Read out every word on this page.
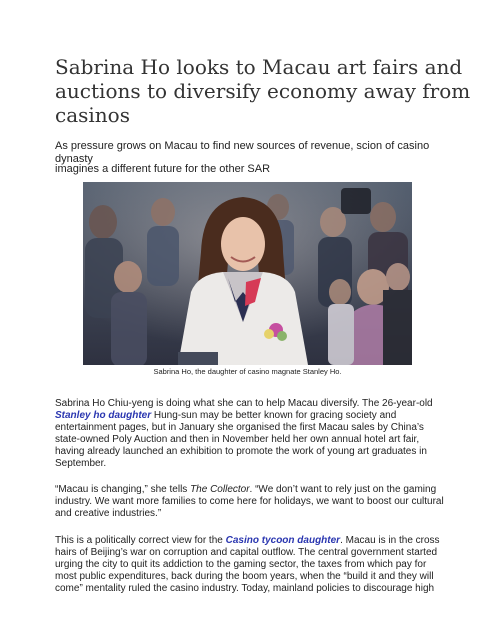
Sabrina Ho looks to Macau art fairs and
auctions to diversify economy away from
casinos

As pressure grows on Macau to find new sources of revenue, scion of casino dynasty

imagines a different future for the other SAR

Sabrina Ho, the daughter of casino magnate Stanley Ho.
Sabrina Ho Chiu-yeng is doing what she can to help Macau diversify. The 26-year-old
Stanley ho daughter Hung-sun may be better known for gracing society and
entertainment pages, but in January she organised the first Macau sales by China’s
state-owned Poly Auction and then in November held her own annual hotel art fair,
having already launched an exhibition to promote the work of young art graduates in
September.
“Macau is changing,” she tells The Collector. “We don’t want to rely just on the gaming
industry. We want more families to come here for holidays, we want to boost our cultural
and creative industries.”
This is a politically correct view for the Casino tycoon daughter. Macau is in the cross
hairs of Beijing’s war on corruption and capital outflow. The central government started
urging the city to quit its addiction to the gaming sector, the taxes from which pay for
most public expenditures, back during the boom years, when the “build it and they will
come” mentality ruled the casino industry. Today, mainland policies to discourage high
